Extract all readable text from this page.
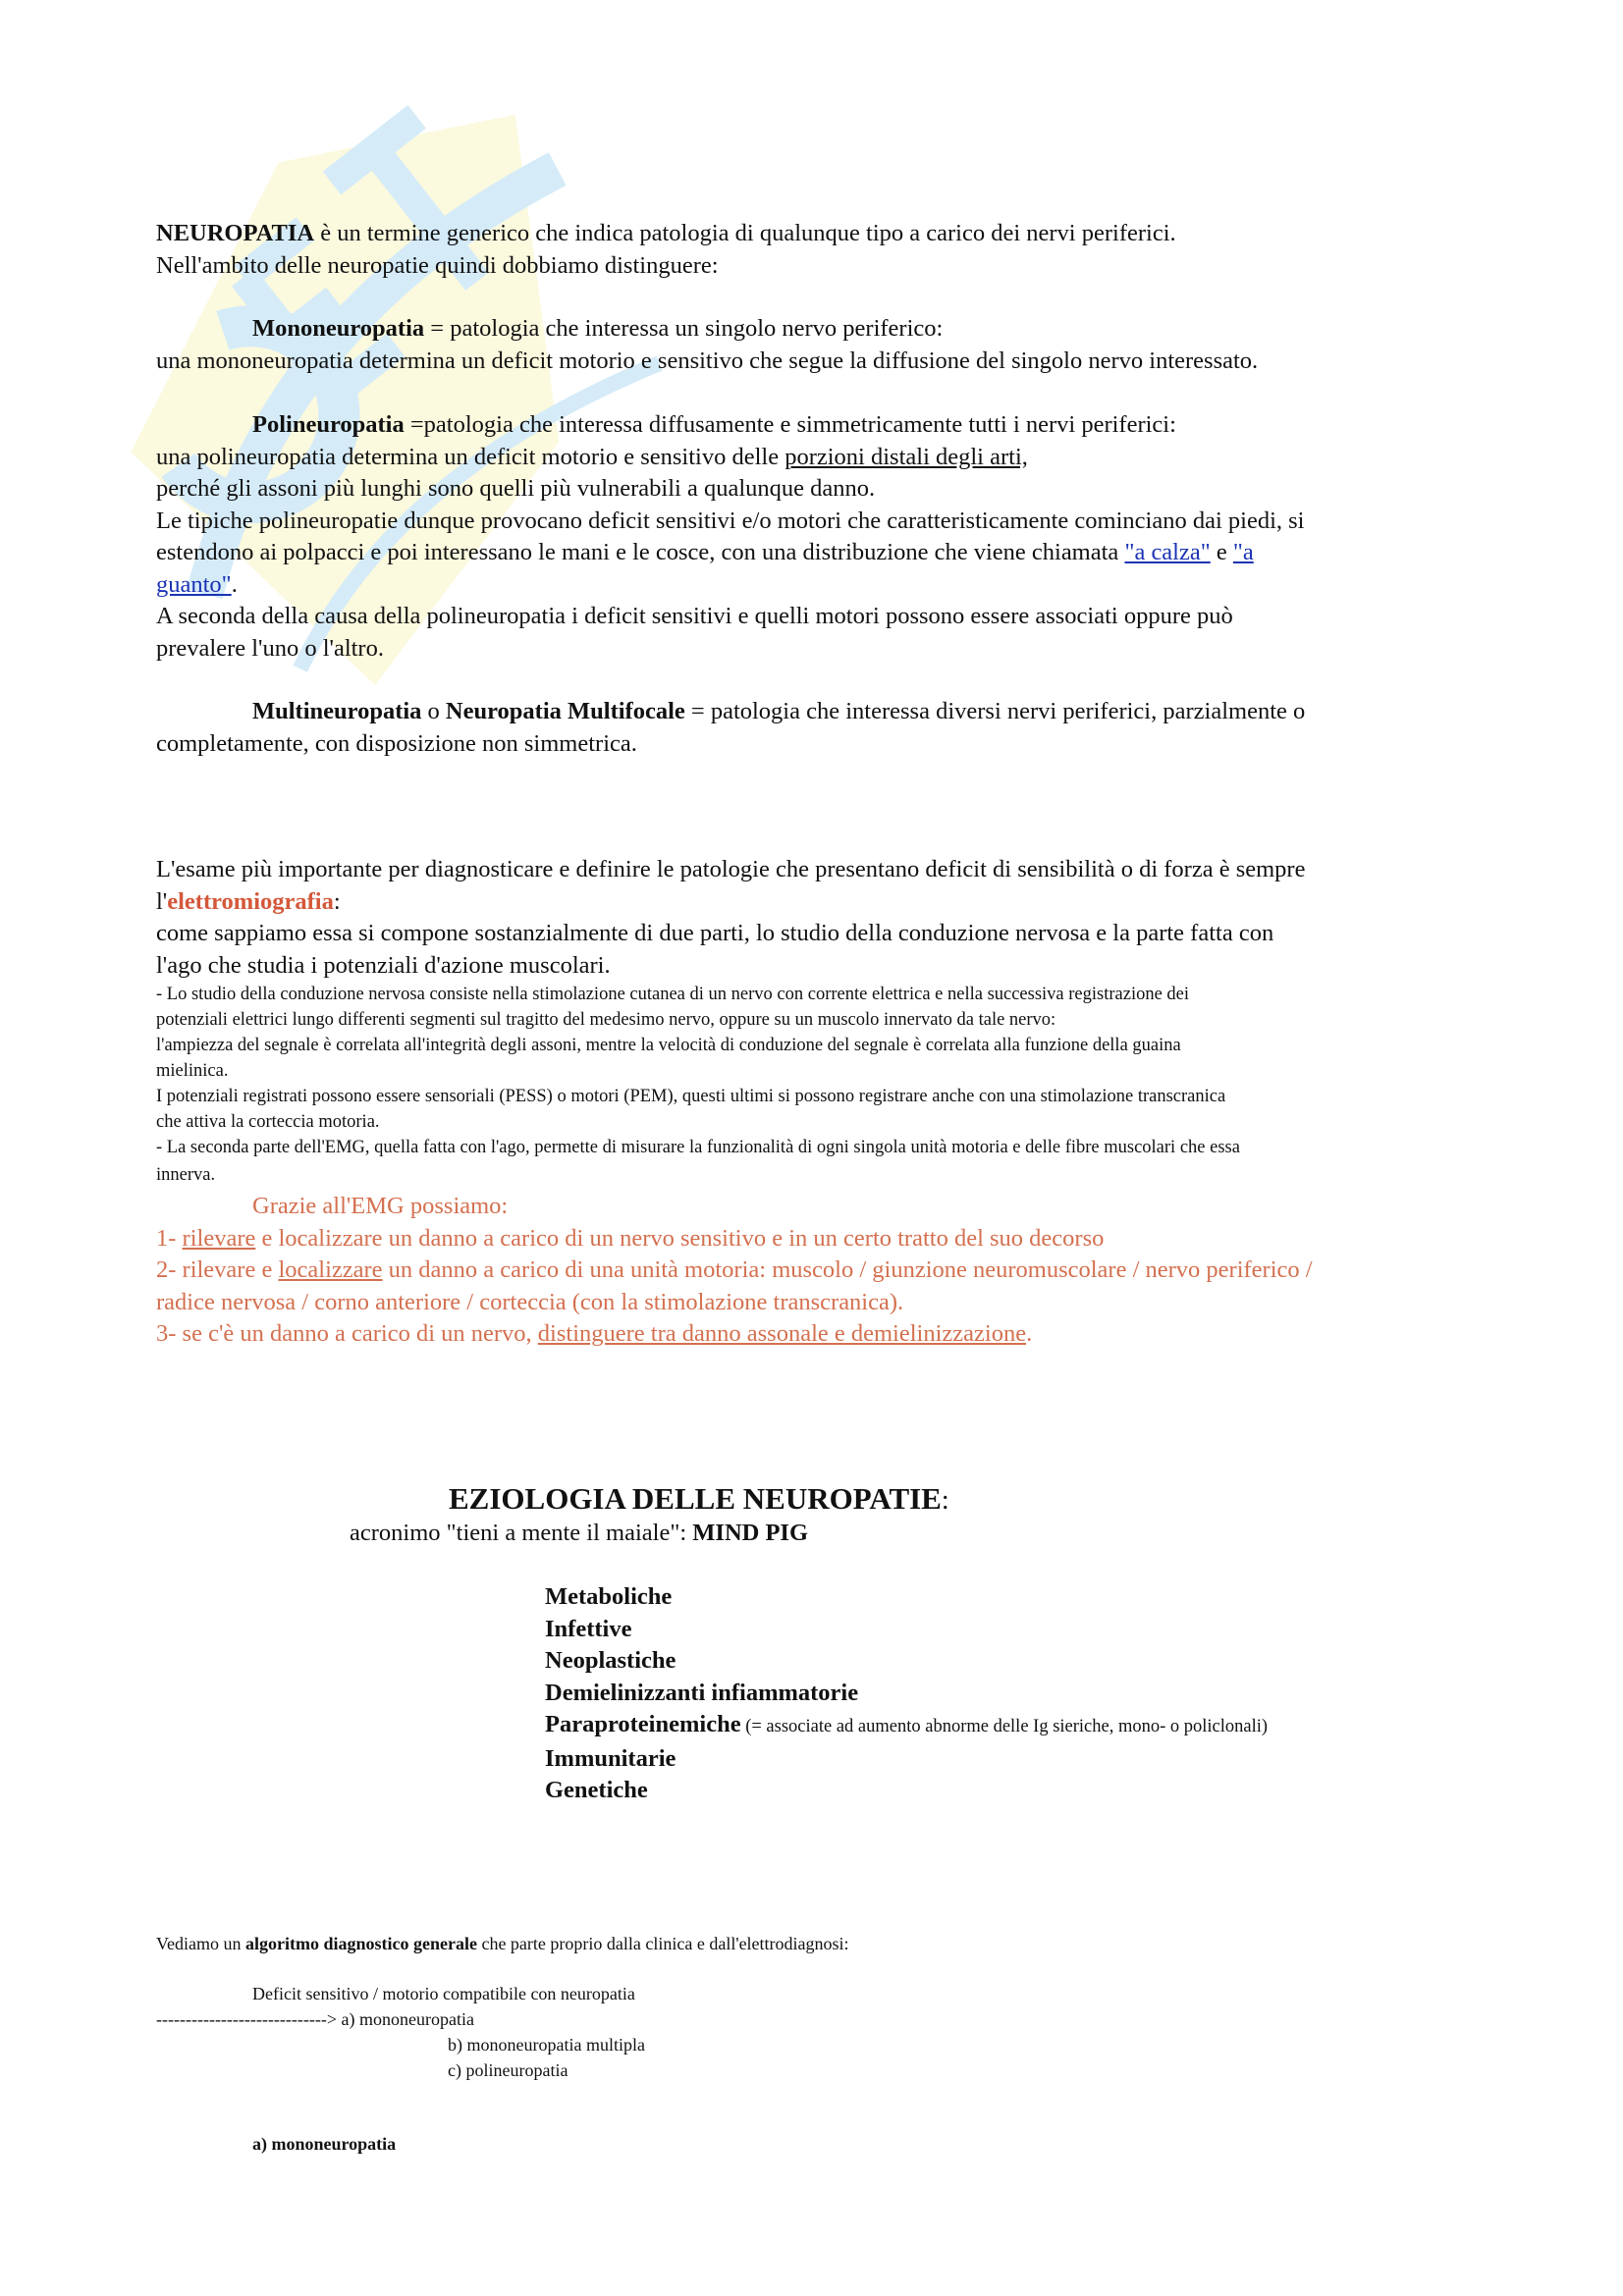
NEUROPATIA è un termine generico che indica patologia di qualunque tipo a carico dei nervi periferici.

Nell'ambito delle neuropatie quindi dobbiamo distinguere:

Mononeuropatia = patologia che interessa un singolo nervo periferico:

una mononeuropatia determina un deficit motorio e sensitivo che segue la diffusione del singolo nervo interessato.

Polineuropatia =patologia che interessa diffusamente e simmetricamente tutti i nervi periferici:

una polineuropatia determina un deficit motorio e sensitivo delle porzioni distali degli arti,

perché gli assoni più lunghi sono quelli più vulnerabili a qualunque danno.

Le tipiche polineuropatie dunque provocano deficit sensitivi e/o motori che caratteristicamente cominciano dai piedi, si

estendono ai polpacci e poi interessano le mani e le cosce, con una distribuzione che viene chiamata "a calza" e "a

guanto".

A seconda della causa della polineuropatia i deficit sensitivi e quelli motori possono essere associati oppure può

prevalere l'uno o l'altro.

Multineuropatia o Neuropatia Multifocale = patologia che interessa diversi nervi periferici, parzialmente o

completamente, con disposizione non simmetrica.

L'esame più importante per diagnosticare e definire le patologie che presentano deficit di sensibilità o di forza è sempre

l'elettromiografia:

come sappiamo essa si compone sostanzialmente di due parti, lo studio della conduzione nervosa e la parte fatta con

l'ago che studia i potenziali d'azione muscolari.

- Lo studio della conduzione nervosa consiste nella stimolazione cutanea di un nervo con corrente elettrica e nella successiva registrazione dei

potenziali elettrici lungo differenti segmenti sul tragitto del medesimo nervo, oppure su un muscolo innervato da tale nervo:

l'ampiezza del segnale è correlata all'integrità degli assoni, mentre la velocità di conduzione del segnale è correlata alla funzione della guaina

mielinica.

I potenziali registrati possono essere sensoriali (PESS) o motori (PEM), questi ultimi si possono registrare anche con una stimolazione transcranica

che attiva la corteccia motoria.

- La seconda parte dell'EMG, quella fatta con l'ago, permette di misurare la funzionalità di ogni singola unità motoria e delle fibre muscolari che essa

innerva.

Grazie all'EMG possiamo:

1- rilevare e localizzare un danno a carico di un nervo sensitivo e in un certo tratto del suo decorso

2- rilevare e localizzare un danno a carico di una unità motoria: muscolo / giunzione neuromuscolare / nervo periferico /

radice nervosa / corno anteriore / corteccia (con la stimolazione transcranica).

3- se c'è un danno a carico di un nervo, distinguere tra danno assonale e demielinizzazione.

EZIOLOGIA DELLE NEUROPATIE:

acronimo "tieni a mente il maiale": MIND PIG

Metaboliche

Infettive

Neoplastiche

Demielinizzanti infiammatorie

Paraproteinemiche (= associate ad aumento abnorme delle Ig sieriche, mono- o policlonali)

Immunitarie

Genetiche

Vediamo un algoritmo diagnostico generale che parte proprio dalla clinica e dall'elettrodiagnosi:

Deficit sensitivo / motorio compatibile con neuropatia

-----------------------------> a) mononeuropatia

b) mononeuropatia multipla

c) polineuropatia

a) mononeuropatia
